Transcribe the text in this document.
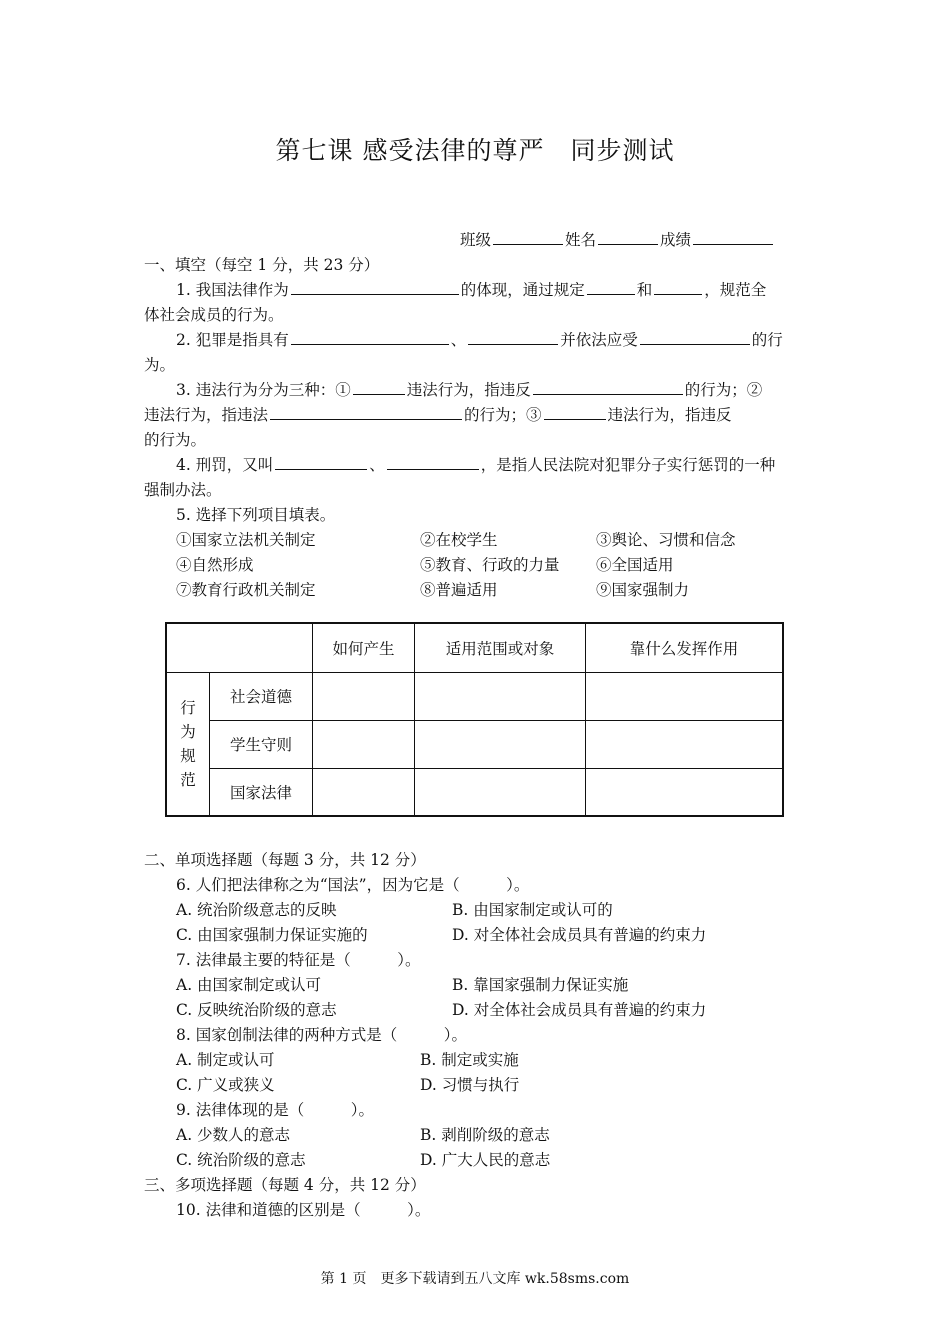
第七课 感受法律的尊严　同步测试
班级	姓名	成绩
一、填空（每空 1 分，共 23 分）
1. 我国法律作为	的体现，通过规定	和	，规范全
体社会成员的行为。
2. 犯罪是指具有	、	并依法应受	的行
为。
3. 违法行为分为三种：①	违法行为，指违反	的行为；②
违法行为，指违法	的行为；③	违法行为，指违反
的行为。
4. 刑罚，又叫	、	，是指人民法院对犯罪分子实行惩罚的一种
强制办法。
5. 选择下列项目填表。
①国家立法机关制定	②在校学生	③舆论、习惯和信念
④自然形成	⑤教育、行政的力量 ⑥全国适用
⑦教育行政机关制定	⑧普遍适用	⑨国家强制力
		如何产生	适用范围或对象	靠什么发挥作用

行
为
规
范	社会道德			
	学生守则			
	国家法律			
二、单项选择题（每题 3 分，共 12 分）
6. 人们把法律称之为“国法”，因为它是（　　　）。
A. 统治阶级意志的反映	B. 由国家制定或认可的
C. 由国家强制力保证实施的	D. 对全体社会成员具有普遍的约束力
7. 法律最主要的特征是（　　　）。
A. 由国家制定或认可	B. 靠国家强制力保证实施
C. 反映统治阶级的意志	D. 对全体社会成员具有普遍的约束力
8. 国家创制法律的两种方式是（　　　）。
A. 制定或认可	B. 制定或实施
C. 广义或狭义	D. 习惯与执行
9. 法律体现的是（　　　）。
A. 少数人的意志	B. 剥削阶级的意志
C. 统治阶级的意志	D. 广大人民的意志
三、多项选择题（每题 4 分，共 12 分）
10. 法律和道德的区别是（　　　）。
第 1 页　更多下载请到五八文库 wk.58sms.com
